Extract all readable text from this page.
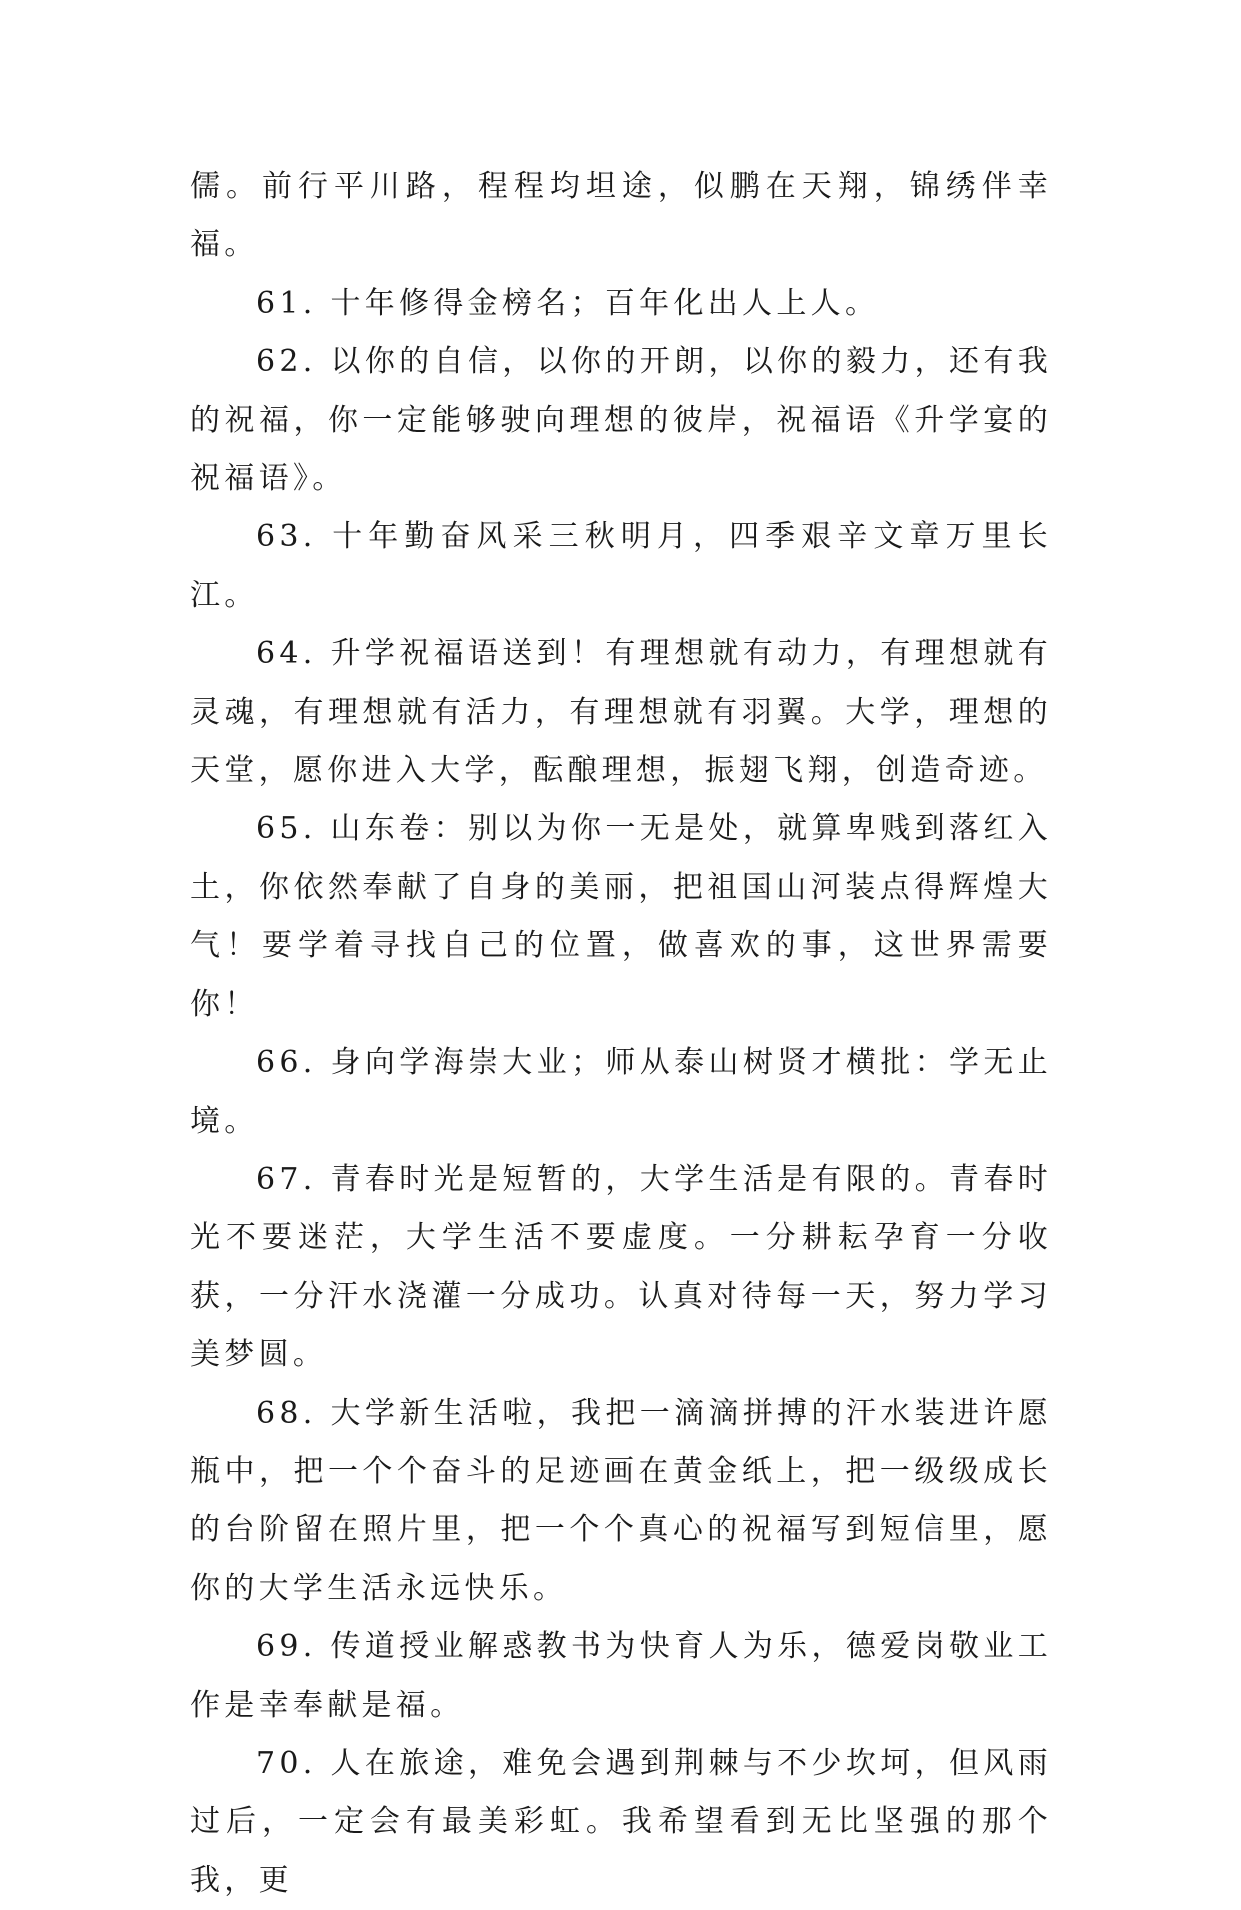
儒。前行平川路，程程均坦途，似鹏在天翔，锦绣伴幸福。

61. 十年修得金榜名；百年化出人上人。

62. 以你的自信，以你的开朗，以你的毅力，还有我的祝福，你一定能够驶向理想的彼岸，祝福语《升学宴的祝福语》。

63. 十年勤奋风采三秋明月，四季艰辛文章万里长江。

64. 升学祝福语送到！有理想就有动力，有理想就有灵魂，有理想就有活力，有理想就有羽翼。大学，理想的天堂，愿你进入大学，酝酿理想，振翅飞翔，创造奇迹。

65. 山东卷：别以为你一无是处，就算卑贱到落红入土，你依然奉献了自身的美丽，把祖国山河装点得辉煌大气！要学着寻找自己的位置，做喜欢的事，这世界需要你！

66. 身向学海崇大业；师从泰山树贤才横批：学无止境。

67. 青春时光是短暂的，大学生活是有限的。青春时光不要迷茫，大学生活不要虚度。一分耕耘孕育一分收获，一分汗水浇灌一分成功。认真对待每一天，努力学习美梦圆。

68. 大学新生活啦，我把一滴滴拼搏的汗水装进许愿瓶中，把一个个奋斗的足迹画在黄金纸上，把一级级成长的台阶留在照片里，把一个个真心的祝福写到短信里，愿你的大学生活永远快乐。

69. 传道授业解惑教书为快育人为乐，德爱岗敬业工作是幸奉献是福。

70. 人在旅途，难免会遇到荆棘与不少坎坷，但风雨过后，一定会有最美彩虹。我希望看到无比坚强的那个我，更
